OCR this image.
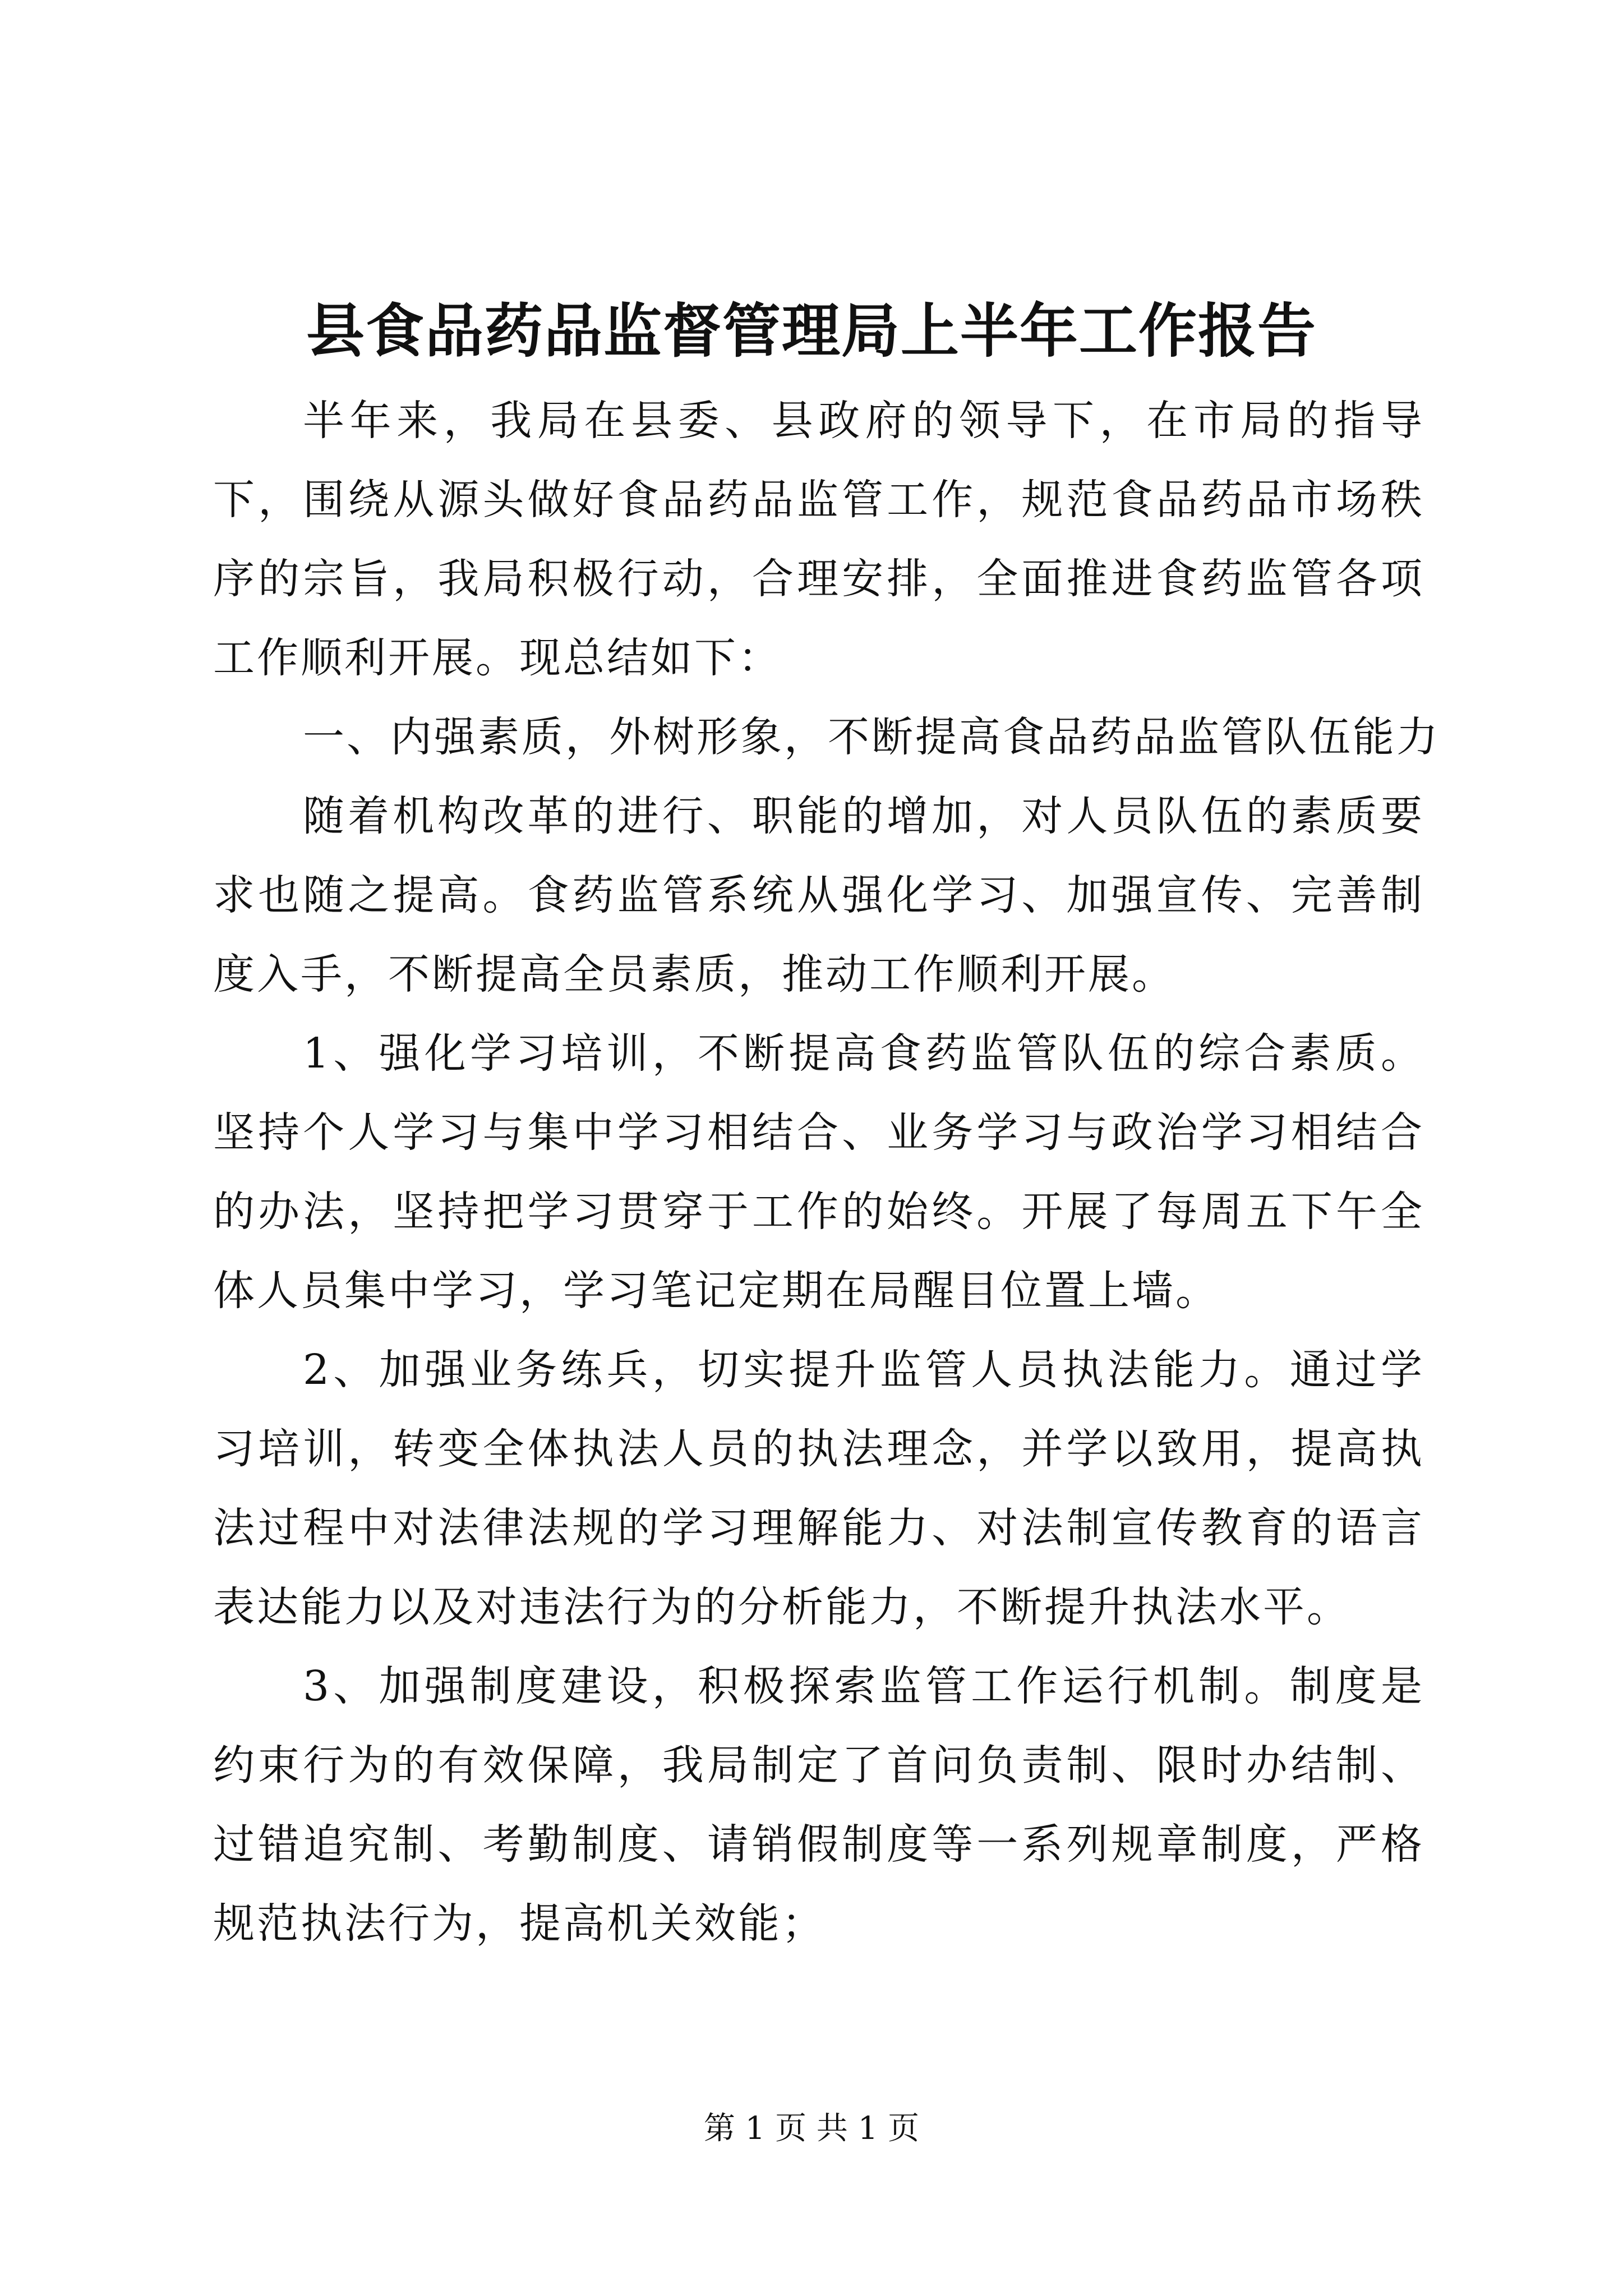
县食品药品监督管理局上半年工作报告

半年来，我局在县委、县政府的领导下，在市局的指导下，围绕从源头做好食品药品监管工作，规范食品药品市场秩序的宗旨，我局积极行动，合理安排，全面推进食药监管各项工作顺利开展。现总结如下：

一、内强素质，外树形象，不断提高食品药品监管队伍能力

随着机构改革的进行、职能的增加，对人员队伍的素质要求也随之提高。食药监管系统从强化学习、加强宣传、完善制度入手，不断提高全员素质，推动工作顺利开展。

1、强化学习培训，不断提高食药监管队伍的综合素质。坚持个人学习与集中学习相结合、业务学习与政治学习相结合的办法，坚持把学习贯穿于工作的始终。开展了每周五下午全体人员集中学习，学习笔记定期在局醒目位置上墙。

2、加强业务练兵，切实提升监管人员执法能力。通过学习培训，转变全体执法人员的执法理念，并学以致用，提高执法过程中对法律法规的学习理解能力、对法制宣传教育的语言表达能力以及对违法行为的分析能力，不断提升执法水平。

3、加强制度建设，积极探索监管工作运行机制。制度是约束行为的有效保障，我局制定了首问负责制、限时办结制、过错追究制、考勤制度、请销假制度等一系列规章制度，严格规范执法行为，提高机关效能；

第 1 页 共 1 页
